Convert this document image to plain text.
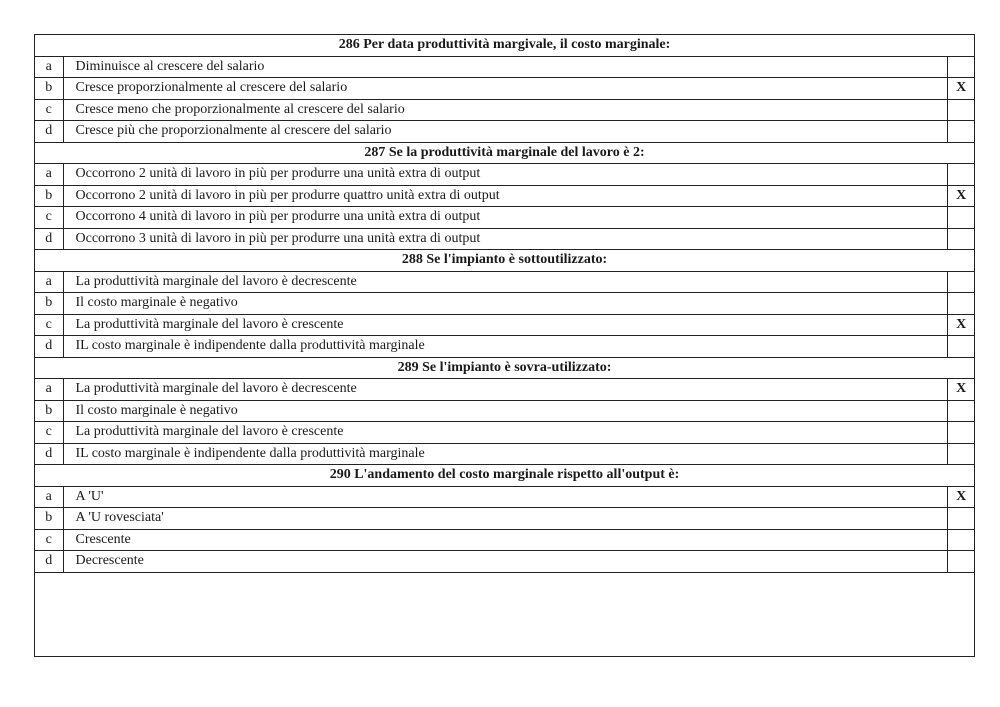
286 Per data produttività margivale, il costo marginale:		
a	Diminuisce al crescere del salario	
b	Cresce proporzionalmente al crescere del salario	X
c	Cresce meno che proporzionalmente al crescere del salario	
d	Cresce più che proporzionalmente al crescere del salario	
287 Se la produttività marginale del lavoro è 2:		
a	Occorrono 2 unità di lavoro in più per produrre una unità extra di output	
b	Occorrono 2 unità di lavoro in più per produrre quattro unità extra di output	X
c	Occorrono 4 unità di lavoro in più per produrre una unità extra di output	
d	Occorrono 3 unità di lavoro in più per produrre una unità extra di output	
288 Se l'impianto è sottoutilizzato:		
a	La produttività marginale del lavoro è decrescente	
b	Il costo marginale è negativo	
c	La produttività marginale del lavoro è crescente	X
d	IL costo marginale è indipendente dalla produttività marginale	
289 Se l'impianto è sovra-utilizzato:		
a	La produttività marginale del lavoro è decrescente	X
b	Il costo marginale è negativo	
c	La produttività marginale del lavoro è crescente	
d	IL costo marginale è indipendente dalla produttività marginale	
290 L'andamento del costo marginale rispetto all'output è:		
a	A 'U'	X
b	A 'U rovesciata'	
c	Crescente	
d	Decrescente	
